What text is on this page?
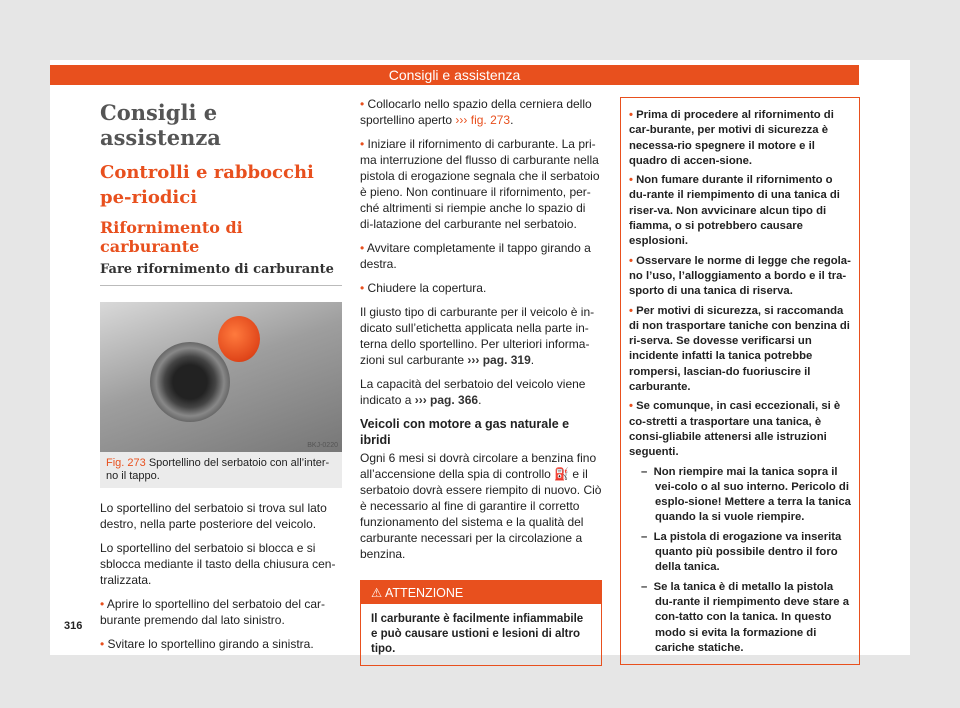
Consigli e assistenza
Consigli e assistenza
Controlli e rabbocchi pe-riodici
Rifornimento di carburante
Fare rifornimento di carburante
BKJ-0220

Fig. 273 Sportellino del serbatoio con all’inter-no il tappo.

Lo sportellino del serbatoio si trova sul lato destro, nella parte posteriore del veicolo.

Lo sportellino del serbatoio si blocca e si sblocca mediante il tasto della chiusura cen-tralizzata.

• Aprire lo sportellino del serbatoio del car-burante premendo dal lato sinistro.

• Svitare lo sportellino girando a sinistra.

• Collocarlo nello spazio della cerniera dello sportellino aperto ››› fig. 273.

• Iniziare il rifornimento di carburante. La pri-ma interruzione del flusso di carburante nella pistola di erogazione segnala che il serbatoio è pieno. Non continuare il rifornimento, per-ché altrimenti si riempie anche lo spazio di di-latazione del carburante nel serbatoio.

• Avvitare completamente il tappo girando a destra.

• Chiudere la copertura.

Il giusto tipo di carburante per il veicolo è in-dicato sull’etichetta applicata nella parte in-terna dello sportellino. Per ulteriori informa-zioni sul carburante ››› pag. 319.

La capacità del serbatoio del veicolo viene indicato a ››› pag. 366.

Veicoli con motore a gas naturale e ibridi

Ogni 6 mesi si dovrà circolare a benzina fino all’accensione della spia di controllo ⛽ e il serbatoio dovrà essere riempito di nuovo. Ciò è necessario al fine di garantire il corretto funzionamento del sistema e la qualità del carburante necessari per la circolazione a benzina.

⚠ ATTENZIONE
Il carburante è facilmente infiammabile e può causare ustioni e lesioni di altro tipo.

• Prima di procedere al rifornimento di car-burante, per motivi di sicurezza è necessa-rio spegnere il motore e il quadro di accen-sione.

• Non fumare durante il rifornimento o du-rante il riempimento di una tanica di riser-va. Non avvicinare alcun tipo di fiamma, o si potrebbero causare esplosioni.

• Osservare le norme di legge che regola-no l’uso, l’alloggiamento a bordo e il tra-sporto di una tanica di riserva.

• Per motivi di sicurezza, si raccomanda di non trasportare taniche con benzina di ri-serva. Se dovesse verificarsi un incidente infatti la tanica potrebbe rompersi, lascian-do fuoriuscire il carburante.

• Se comunque, in casi eccezionali, si è co-stretti a trasportare una tanica, è consi-gliabile attenersi alle istruzioni seguenti.

–  Non riempire mai la tanica sopra il vei-colo o al suo interno. Pericolo di esplo-sione! Mettere a terra la tanica quando la si vuole riempire.

–  La pistola di erogazione va inserita quanto più possibile dentro il foro della tanica.

–  Se la tanica è di metallo la pistola du-rante il riempimento deve stare a con-tatto con la tanica. In questo modo si evita la formazione di cariche statiche.

316
